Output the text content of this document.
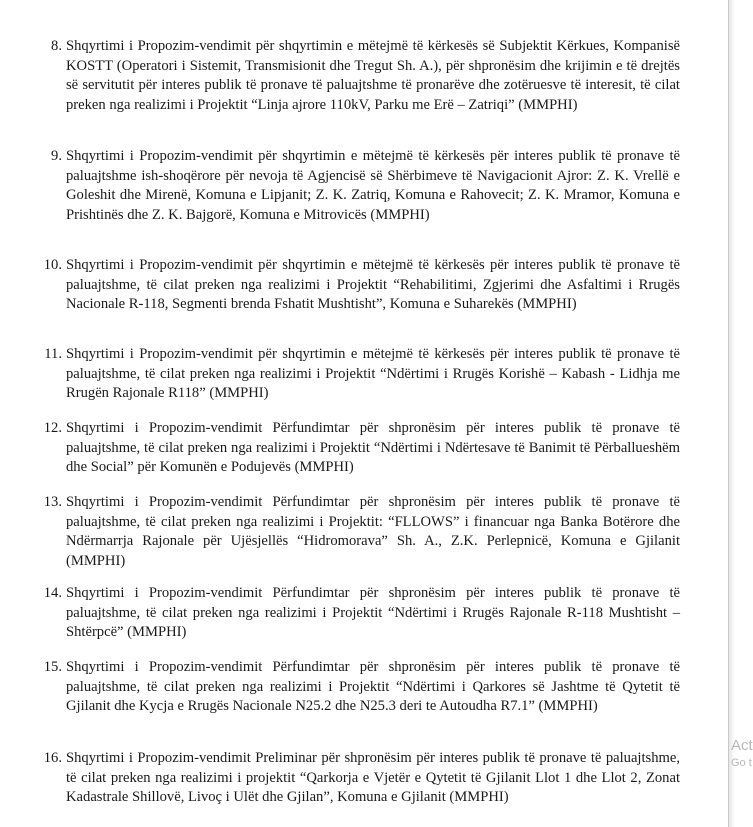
8. Shqyrtimi i Propozim-vendimit për shqyrtimin e mëtejmë të kërkesës së Subjektit Kërkues, Kompanisë KOSTT (Operatori i Sistemit, Transmisionit dhe Tregut Sh. A.), për shpronësim dhe krijimin e të drejtës së servitutit për interes publik të pronave të paluajtshme të pronarëve dhe zotëruesve të interesit, të cilat preken nga realizimi i Projektit “Linja ajrore 110kV, Parku me Erë – Zatriqi” (MMPHI)
9. Shqyrtimi i Propozim-vendimit për shqyrtimin e mëtejmë të kërkesës për interes publik të pronave të paluajtshme ish-shoqërore për nevoja të Agjencisë së Shërbimeve të Navigacionit Ajror: Z. K. Vrellë e Goleshit dhe Mirenë, Komuna e Lipjanit; Z. K. Zatriq, Komuna e Rahovecit; Z. K. Mramor, Komuna e Prishtinës dhe Z. K. Bajgorë, Komuna e Mitrovicës (MMPHI)
10. Shqyrtimi i Propozim-vendimit për shqyrtimin e mëtejmë të kërkesës për interes publik të pronave të paluajtshme, të cilat preken nga realizimi i Projektit “Rehabilitimi, Zgjerimi dhe Asfaltimi i Rrugës Nacionale R-118, Segmenti brenda Fshatit Mushtisht”, Komuna e Suharekës (MMPHI)
11. Shqyrtimi i Propozim-vendimit për shqyrtimin e mëtejmë të kërkesës për interes publik të pronave të paluajtshme, të cilat preken nga realizimi i Projektit “Ndërtimi i Rrugës Korishë – Kabash - Lidhja me Rrugën Rajonale R118” (MMPHI)
12. Shqyrtimi i Propozim-vendimit Përfundimtar për shpronësim për interes publik të pronave të paluajtshme, të cilat preken nga realizimi i Projektit “Ndërtimi i Ndërtesave të Banimit të Përballueshëm dhe Social” për Komunën e Podujevës (MMPHI)
13. Shqyrtimi i Propozim-vendimit Përfundimtar për shpronësim për interes publik të pronave të paluajtshme, të cilat preken nga realizimi i Projektit: “FLLOWS” i financuar nga Banka Botërore dhe Ndërmarrja Rajonale për Ujësjellës “Hidromorava” Sh. A., Z.K. Perlepnicë, Komuna e Gjilanit (MMPHI)
14. Shqyrtimi i Propozim-vendimit Përfundimtar për shpronësim për interes publik të pronave të paluajtshme, të cilat preken nga realizimi i Projektit “Ndërtimi i Rrugës Rajonale R-118 Mushtisht – Shtërpcë” (MMPHI)
15. Shqyrtimi i Propozim-vendimit Përfundimtar për shpronësim për interes publik të pronave të paluajtshme, të cilat preken nga realizimi i Projektit “Ndërtimi i Qarkores së Jashtme të Qytetit të Gjilanit dhe Kycja e Rrugës Nacionale N25.2 dhe N25.3 deri te Autoudha R7.1” (MMPHI)
16. Shqyrtimi i Propozim-vendimit Preliminar për shpronësim për interes publik të pronave të paluajtshme, të cilat preken nga realizimi i projektit “Qarkorja e Vjetër e Qytetit të Gjilanit Llot 1 dhe Llot 2, Zonat Kadastrale Shillovë, Livoç i Ulët dhe Gjilan”, Komuna e Gjilanit (MMPHI)
Act
Go t
